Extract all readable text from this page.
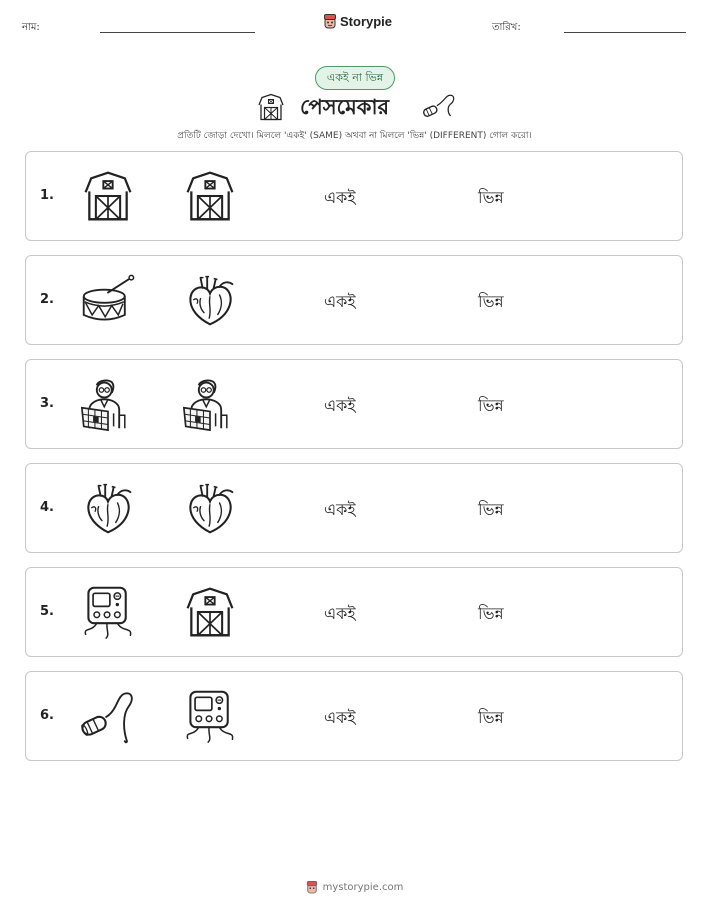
নাম:	Storypie	তারিখ:
একই না ভিন্ন
পেসমেকার
প্রতিটি জোড়া দেখো। মিললে 'একই' (SAME) অথবা না মিললে 'ভিন্ন' (DIFFERENT) গোল করো।
1.	একই	ভিন্ন
2.	একই	ভিন্ন
3.	একই	ভিন্ন
4.	একই	ভিন্ন
5.	একই	ভিন্ন
6.	একই	ভিন্ন
mystorypie.com
